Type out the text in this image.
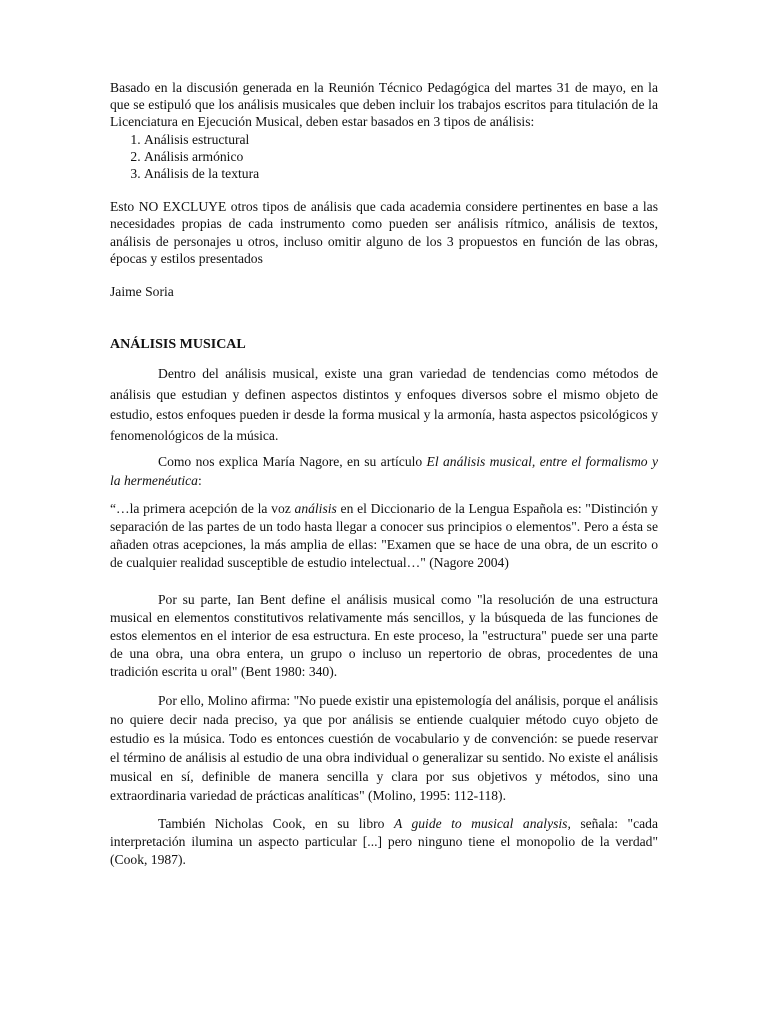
Basado en la discusión generada en la Reunión Técnico Pedagógica del martes 31 de mayo, en la que se estipuló que los análisis musicales que deben incluir los trabajos escritos para titulación de la Licenciatura en Ejecución Musical, deben estar basados en 3 tipos de análisis:

1. Análisis estructural
2. Análisis armónico
3. Análisis de la textura

Esto NO EXCLUYE otros tipos de análisis que cada academia considere pertinentes en base a las necesidades propias de cada instrumento como pueden ser análisis rítmico, análisis de textos, análisis de personajes u otros, incluso omitir alguno de los 3 propuestos en función de las obras, épocas y estilos presentados

Jaime Soria

ANÁLISIS MUSICAL

Dentro del análisis musical, existe una gran variedad de tendencias como métodos de análisis que estudian y definen aspectos distintos y enfoques diversos sobre el mismo objeto de estudio, estos enfoques pueden ir desde la forma musical y la armonía, hasta aspectos psicológicos y fenomenológicos de la música.

Como nos explica María Nagore, en su artículo El análisis musical, entre el formalismo y la hermenéutica:

“…la primera acepción de la voz análisis en el Diccionario de la Lengua Española es: "Distinción y separación de las partes de un todo hasta llegar a conocer sus principios o elementos". Pero a ésta se añaden otras acepciones, la más amplia de ellas: "Examen que se hace de una obra, de un escrito o de cualquier realidad susceptible de estudio intelectual…" (Nagore 2004)

Por su parte, Ian Bent define el análisis musical como "la resolución de una estructura musical en elementos constitutivos relativamente más sencillos, y la búsqueda de las funciones de estos elementos en el interior de esa estructura. En este proceso, la "estructura" puede ser una parte de una obra, una obra entera, un grupo o incluso un repertorio de obras, procedentes de una tradición escrita u oral" (Bent 1980: 340).

Por ello, Molino afirma: "No puede existir una epistemología del análisis, porque el análisis no quiere decir nada preciso, ya que por análisis se entiende cualquier método cuyo objeto de estudio es la música. Todo es entonces cuestión de vocabulario y de convención: se puede reservar el término de análisis al estudio de una obra individual o generalizar su sentido. No existe el análisis musical en sí, definible de manera sencilla y clara por sus objetivos y métodos, sino una extraordinaria variedad de prácticas analíticas" (Molino, 1995: 112-118).

También Nicholas Cook, en su libro A guide to musical analysis, señala: "cada interpretación ilumina un aspecto particular [...] pero ninguno tiene el monopolio de la verdad" (Cook, 1987).
